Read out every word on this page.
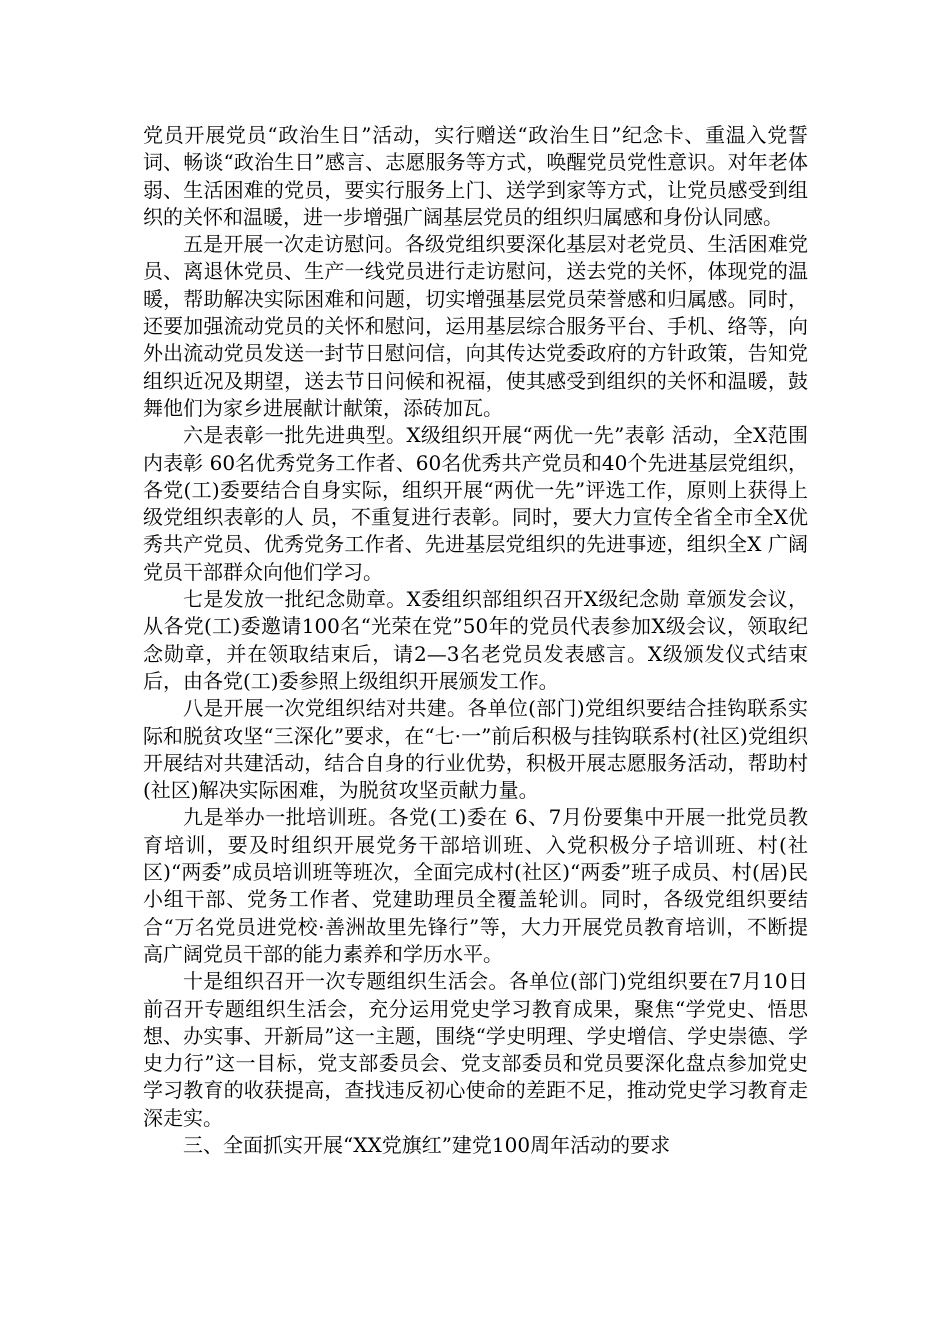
党员开展党员“政治生日”活动，实行赠送“政治生日”纪念卡、重温入党誓词、畅谈“政治生日”感言、志愿服务等方式，唤醒党员党性意识。对年老体弱、生活困难的党员，要实行服务上门、送学到家等方式，让党员感受到组织的关怀和温暖，进一步增强广阔基层党员的组织归属感和身份认同感。

五是开展一次走访慰问。各级党组织要深化基层对老党员、生活困难党员、离退休党员、生产一线党员进行走访慰问，送去党的关怀，体现党的温暖，帮助解决实际困难和问题，切实增强基层党员荣誉感和归属感。同时，还要加强流动党员的关怀和慰问，运用基层综合服务平台、手机、络等，向外出流动党员发送一封节日慰问信，向其传达党委政府的方针政策，告知党组织近况及期望，送去节日问候和祝福，使其感受到组织的关怀和温暖，鼓舞他们为家乡进展献计献策，添砖加瓦。

六是表彰一批先进典型。X级组织开展“两优一先”表彰 活动，全X范围内表彰 60名优秀党务工作者、60名优秀共产党员和40个先进基层党组织，各党(工)委要结合自身实际，组织开展“两优一先”评选工作，原则上获得上级党组织表彰的人 员，不重复进行表彰。同时，要大力宣传全省全市全X优秀共产党员、优秀党务工作者、先进基层党组织的先进事迹，组织全X 广阔党员干部群众向他们学习。

七是发放一批纪念勋章。X委组织部组织召开X级纪念勋 章颁发会议，从各党(工)委邀请100名“光荣在党”50年的党员代表参加X级会议，领取纪念勋章，并在领取结束后，请2—3名老党员发表感言。X级颁发仪式结束后，由各党(工)委参照上级组织开展颁发工作。

八是开展一次党组织结对共建。各单位(部门)党组织要结合挂钩联系实际和脱贫攻坚“三深化”要求，在“七·一”前后积极与挂钩联系村(社区)党组织开展结对共建活动，结合自身的行业优势，积极开展志愿服务活动，帮助村(社区)解决实际困难，为脱贫攻坚贡献力量。

九是举办一批培训班。各党(工)委在 6、7月份要集中开展一批党员教育培训，要及时组织开展党务干部培训班、入党积极分子培训班、村(社区)“两委”成员培训班等班次，全面完成村(社区)“两委”班子成员、村(居)民小组干部、党务工作者、党建助理员全覆盖轮训。同时，各级党组织要结合“万名党员进党校·善洲故里先锋行”等，大力开展党员教育培训，不断提高广阔党员干部的能力素养和学历水平。

十是组织召开一次专题组织生活会。各单位(部门)党组织要在7月10日前召开专题组织生活会，充分运用党史学习教育成果，聚焦“学党史、悟思想、办实事、开新局”这一主题，围绕“学史明理、学史增信、学史崇德、学史力行”这一目标，党支部委员会、党支部委员和党员要深化盘点参加党史学习教育的收获提高，查找违反初心使命的差距不足，推动党史学习教育走深走实。

三、全面抓实开展“XX党旗红”建党100周年活动的要求
